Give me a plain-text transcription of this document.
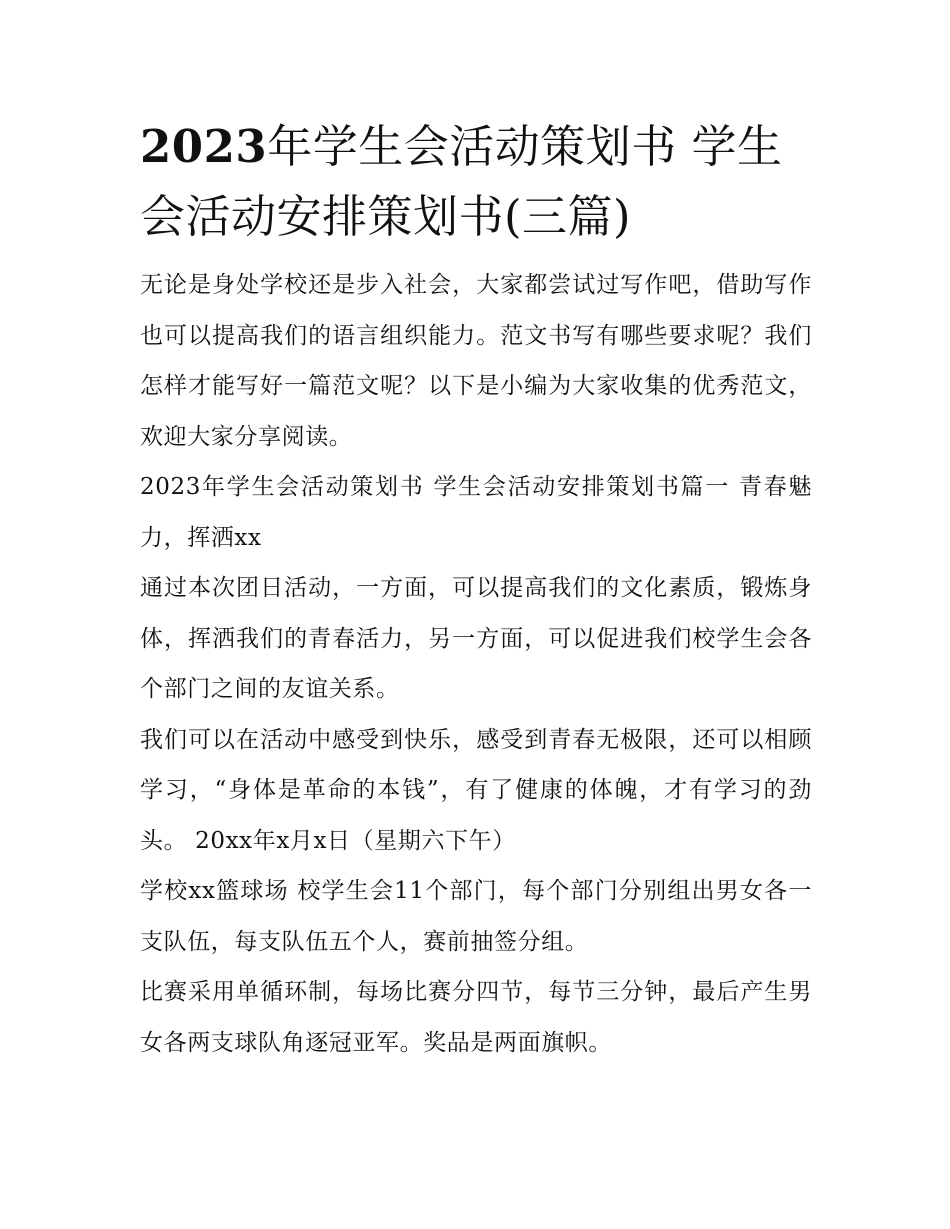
2023年学生会活动策划书 学生会活动安排策划书(三篇)

无论是身处学校还是步入社会，大家都尝试过写作吧，借助写作也可以提高我们的语言组织能力。范文书写有哪些要求呢？我们怎样才能写好一篇范文呢？以下是小编为大家收集的优秀范文，欢迎大家分享阅读。

2023年学生会活动策划书 学生会活动安排策划书篇一 青春魅力，挥洒xx

通过本次团日活动，一方面，可以提高我们的文化素质，锻炼身体，挥洒我们的青春活力，另一方面，可以促进我们校学生会各个部门之间的友谊关系。

我们可以在活动中感受到快乐，感受到青春无极限，还可以相顾学习，“身体是革命的本钱”，有了健康的体魄，才有学习的劲头。 20xx年x月x日（星期六下午）

学校xx篮球场 校学生会11个部门，每个部门分别组出男女各一支队伍，每支队伍五个人，赛前抽签分组。

比赛采用单循环制，每场比赛分四节，每节三分钟，最后产生男女各两支球队角逐冠亚军。奖品是两面旗帜。
